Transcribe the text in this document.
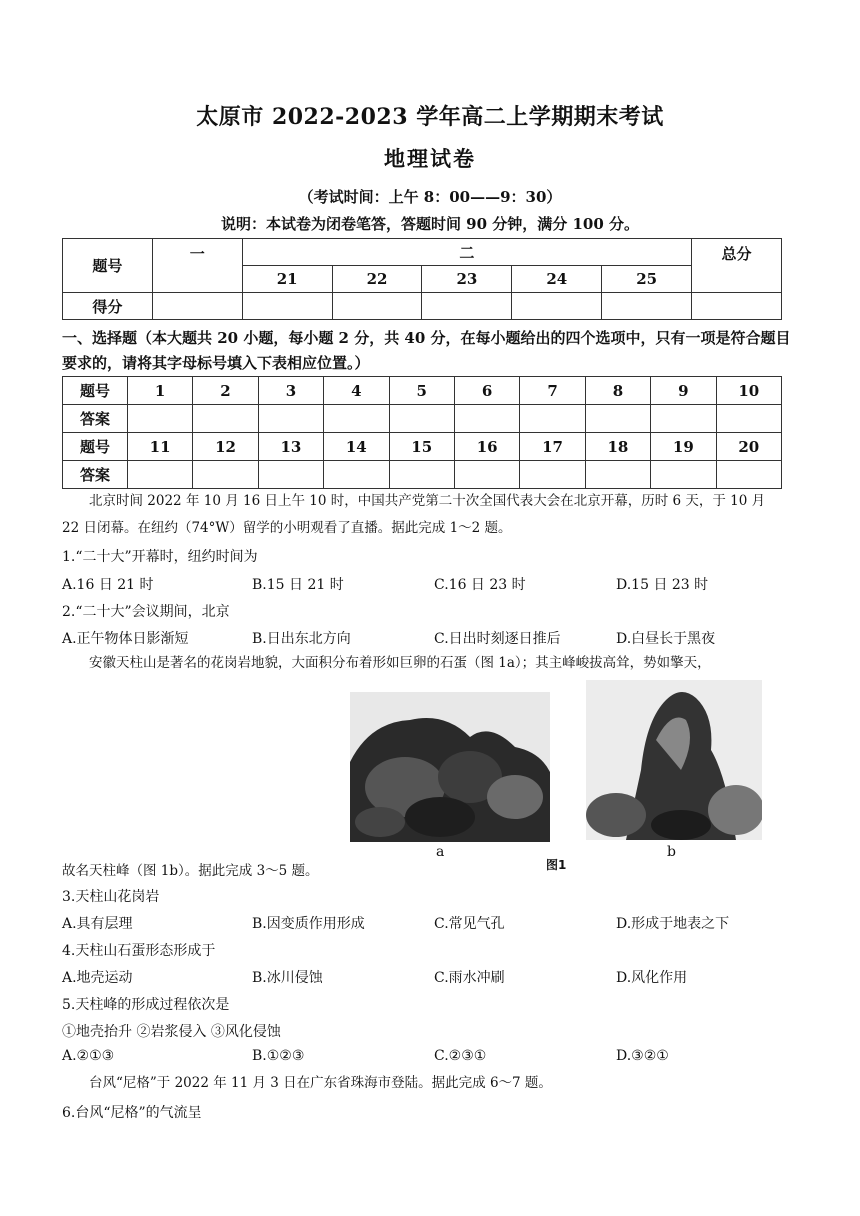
太原市 2022-2023 学年高二上学期期末考试
地理试卷
（考试时间：上午 8：00——9：30）
说明：本试卷为闭卷笔答，答题时间 90 分钟，满分 100 分。
题号	一	二					总分
		21	22	23	24	25	
得分							
一、选择题（本大题共 20 小题，每小题 2 分，共 40 分，在每小题给出的四个选项中，只有一项是符合题目要求的，请将其字母标号填入下表相应位置。）
题号	1	2	3	4	5	6	7	8	9	10
答案										
题号	11	12	13	14	15	16	17	18	19	20
答案										
北京时间 2022 年 10 月 16 日上午 10 时，中国共产党第二十次全国代表大会在北京开幕，历时 6 天，于 10 月 22 日闭幕。在纽约（74°W）留学的小明观看了直播。据此完成 1～2 题。
1.“二十大”开幕时，纽约时间为
A.16 日 21 时	B.15 日 21 时	C.16 日 23 时	D.15 日 23 时
2.“二十大”会议期间，北京
A.正午物体日影渐短	B.日出东北方向	C.日出时刻逐日推后	D.白昼长于黑夜
安徽天柱山是著名的花岗岩地貌，大面积分布着形如巨卵的石蛋（图 1a）；其主峰峻拔高耸，势如擎天，
a	b
图1
故名天柱峰（图 1b）。据此完成 3～5 题。
3.天柱山花岗岩
A.具有层理	B.因变质作用形成	C.常见气孔	D.形成于地表之下
4.天柱山石蛋形态形成于
A.地壳运动	B.冰川侵蚀	C.雨水冲刷	D.风化作用
5.天柱峰的形成过程依次是
①地壳抬升 ②岩浆侵入 ③风化侵蚀
A.②①③	B.①②③	C.②③①	D.③②①
台风“尼格”于 2022 年 11 月 3 日在广东省珠海市登陆。据此完成 6～7 题。
6.台风“尼格”的气流呈
